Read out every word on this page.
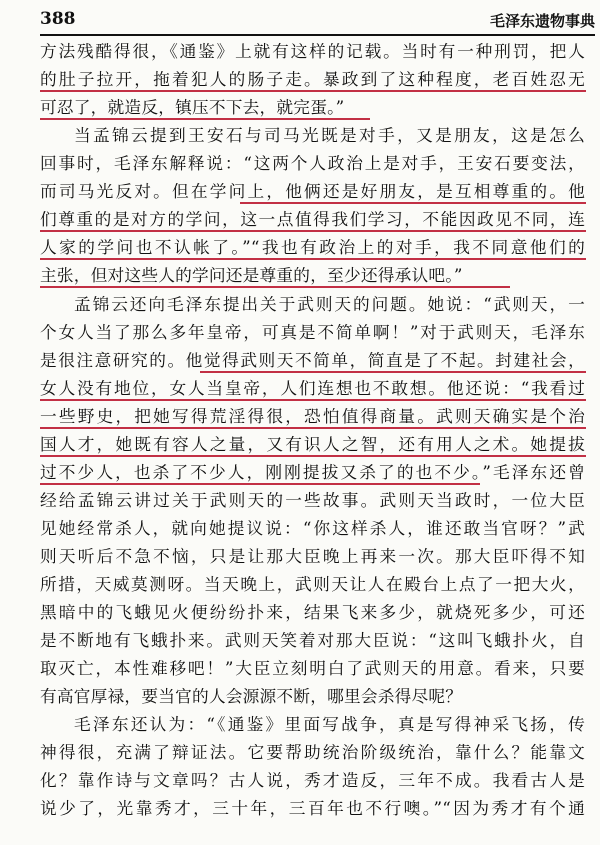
388	毛泽东遗物事典
方法残酷得很，《通鉴》上就有这样的记载。当时有一种刑罚，把人
的肚子拉开，拖着犯人的肠子走。暴政到了这种程度，老百姓忍无
可忍了，就造反，镇压不下去，就完蛋。”
当孟锦云提到王安石与司马光既是对手，又是朋友，这是怎么
回事时，毛泽东解释说：“这两个人政治上是对手，王安石要变法，
而司马光反对。但在学问上，他俩还是好朋友，是互相尊重的。他
们尊重的是对方的学问，这一点值得我们学习，不能因政见不同，连
人家的学问也不认帐了。”“我也有政治上的对手，我不同意他们的
主张，但对这些人的学问还是尊重的，至少还得承认吧。”
孟锦云还向毛泽东提出关于武则天的问题。她说：“武则天，一
个女人当了那么多年皇帝，可真是不简单啊！”对于武则天，毛泽东
是很注意研究的。他觉得武则天不简单，简直是了不起。封建社会，
女人没有地位，女人当皇帝，人们连想也不敢想。他还说：“我看过
一些野史，把她写得荒淫得很，恐怕值得商量。武则天确实是个治
国人才，她既有容人之量，又有识人之智，还有用人之术。她提拔
过不少人，也杀了不少人，刚刚提拔又杀了的也不少。”毛泽东还曾
经给孟锦云讲过关于武则天的一些故事。武则天当政时，一位大臣
见她经常杀人，就向她提议说：“你这样杀人，谁还敢当官呀？”武
则天听后不急不恼，只是让那大臣晚上再来一次。那大臣吓得不知
所措，天威莫测呀。当天晚上，武则天让人在殿台上点了一把大火，
黑暗中的飞蛾见火便纷纷扑来，结果飞来多少，就烧死多少，可还
是不断地有飞蛾扑来。武则天笑着对那大臣说：“这叫飞蛾扑火，自
取灭亡，本性难移吧！”大臣立刻明白了武则天的用意。看来，只要
有高官厚禄，要当官的人会源源不断，哪里会杀得尽呢？
毛泽东还认为：“《通鉴》里面写战争，真是写得神采飞扬，传
神得很，充满了辩证法。它要帮助统治阶级统治，靠什么？能靠文
化？靠作诗与文章吗？古人说，秀才造反，三年不成。我看古人是
说少了，光靠秀才，三十年，三百年也不行噢。”“因为秀才有个通
